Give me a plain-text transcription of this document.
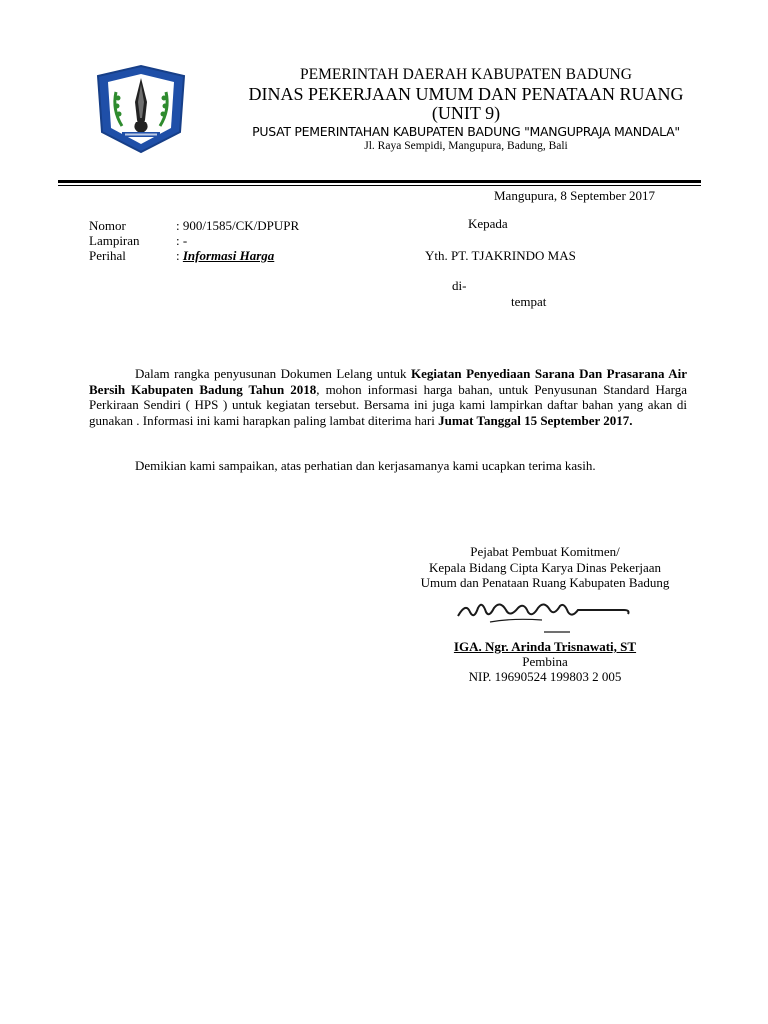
PEMERINTAH DAERAH KABUPATEN BADUNG
DINAS PEKERJAAN UMUM DAN PENATAAN RUANG
(UNIT 9)
PUSAT PEMERINTAHAN KABUPATEN BADUNG "MANGUPRAJA MANDALA"
Jl. Raya Sempidi, Mangupura, Badung, Bali
Mangupura, 8 September 2017
Nomor	: 900/1585/CK/DPUPR
Lampiran	: -
Perihal	: Informasi Harga
Kepada
Yth. PT. TJAKRINDO MAS
di-
tempat

Dalam rangka penyusunan Dokumen Lelang untuk Kegiatan Penyediaan Sarana Dan Prasarana Air Bersih Kabupaten Badung Tahun 2018, mohon informasi harga bahan, untuk Penyusunan Standard Harga Perkiraan Sendiri ( HPS ) untuk kegiatan tersebut. Bersama ini juga kami lampirkan daftar bahan yang akan di gunakan . Informasi ini kami harapkan paling lambat diterima hari Jumat Tanggal 15 September 2017.

Demikian kami sampaikan, atas perhatian dan kerjasamanya kami ucapkan terima kasih.

Pejabat Pembuat Komitmen/
Kepala Bidang Cipta Karya Dinas Pekerjaan
Umum dan Penataan Ruang Kabupaten Badung
IGA. Ngr. Arinda Trisnawati, ST
Pembina
NIP. 19690524 199803 2 005
